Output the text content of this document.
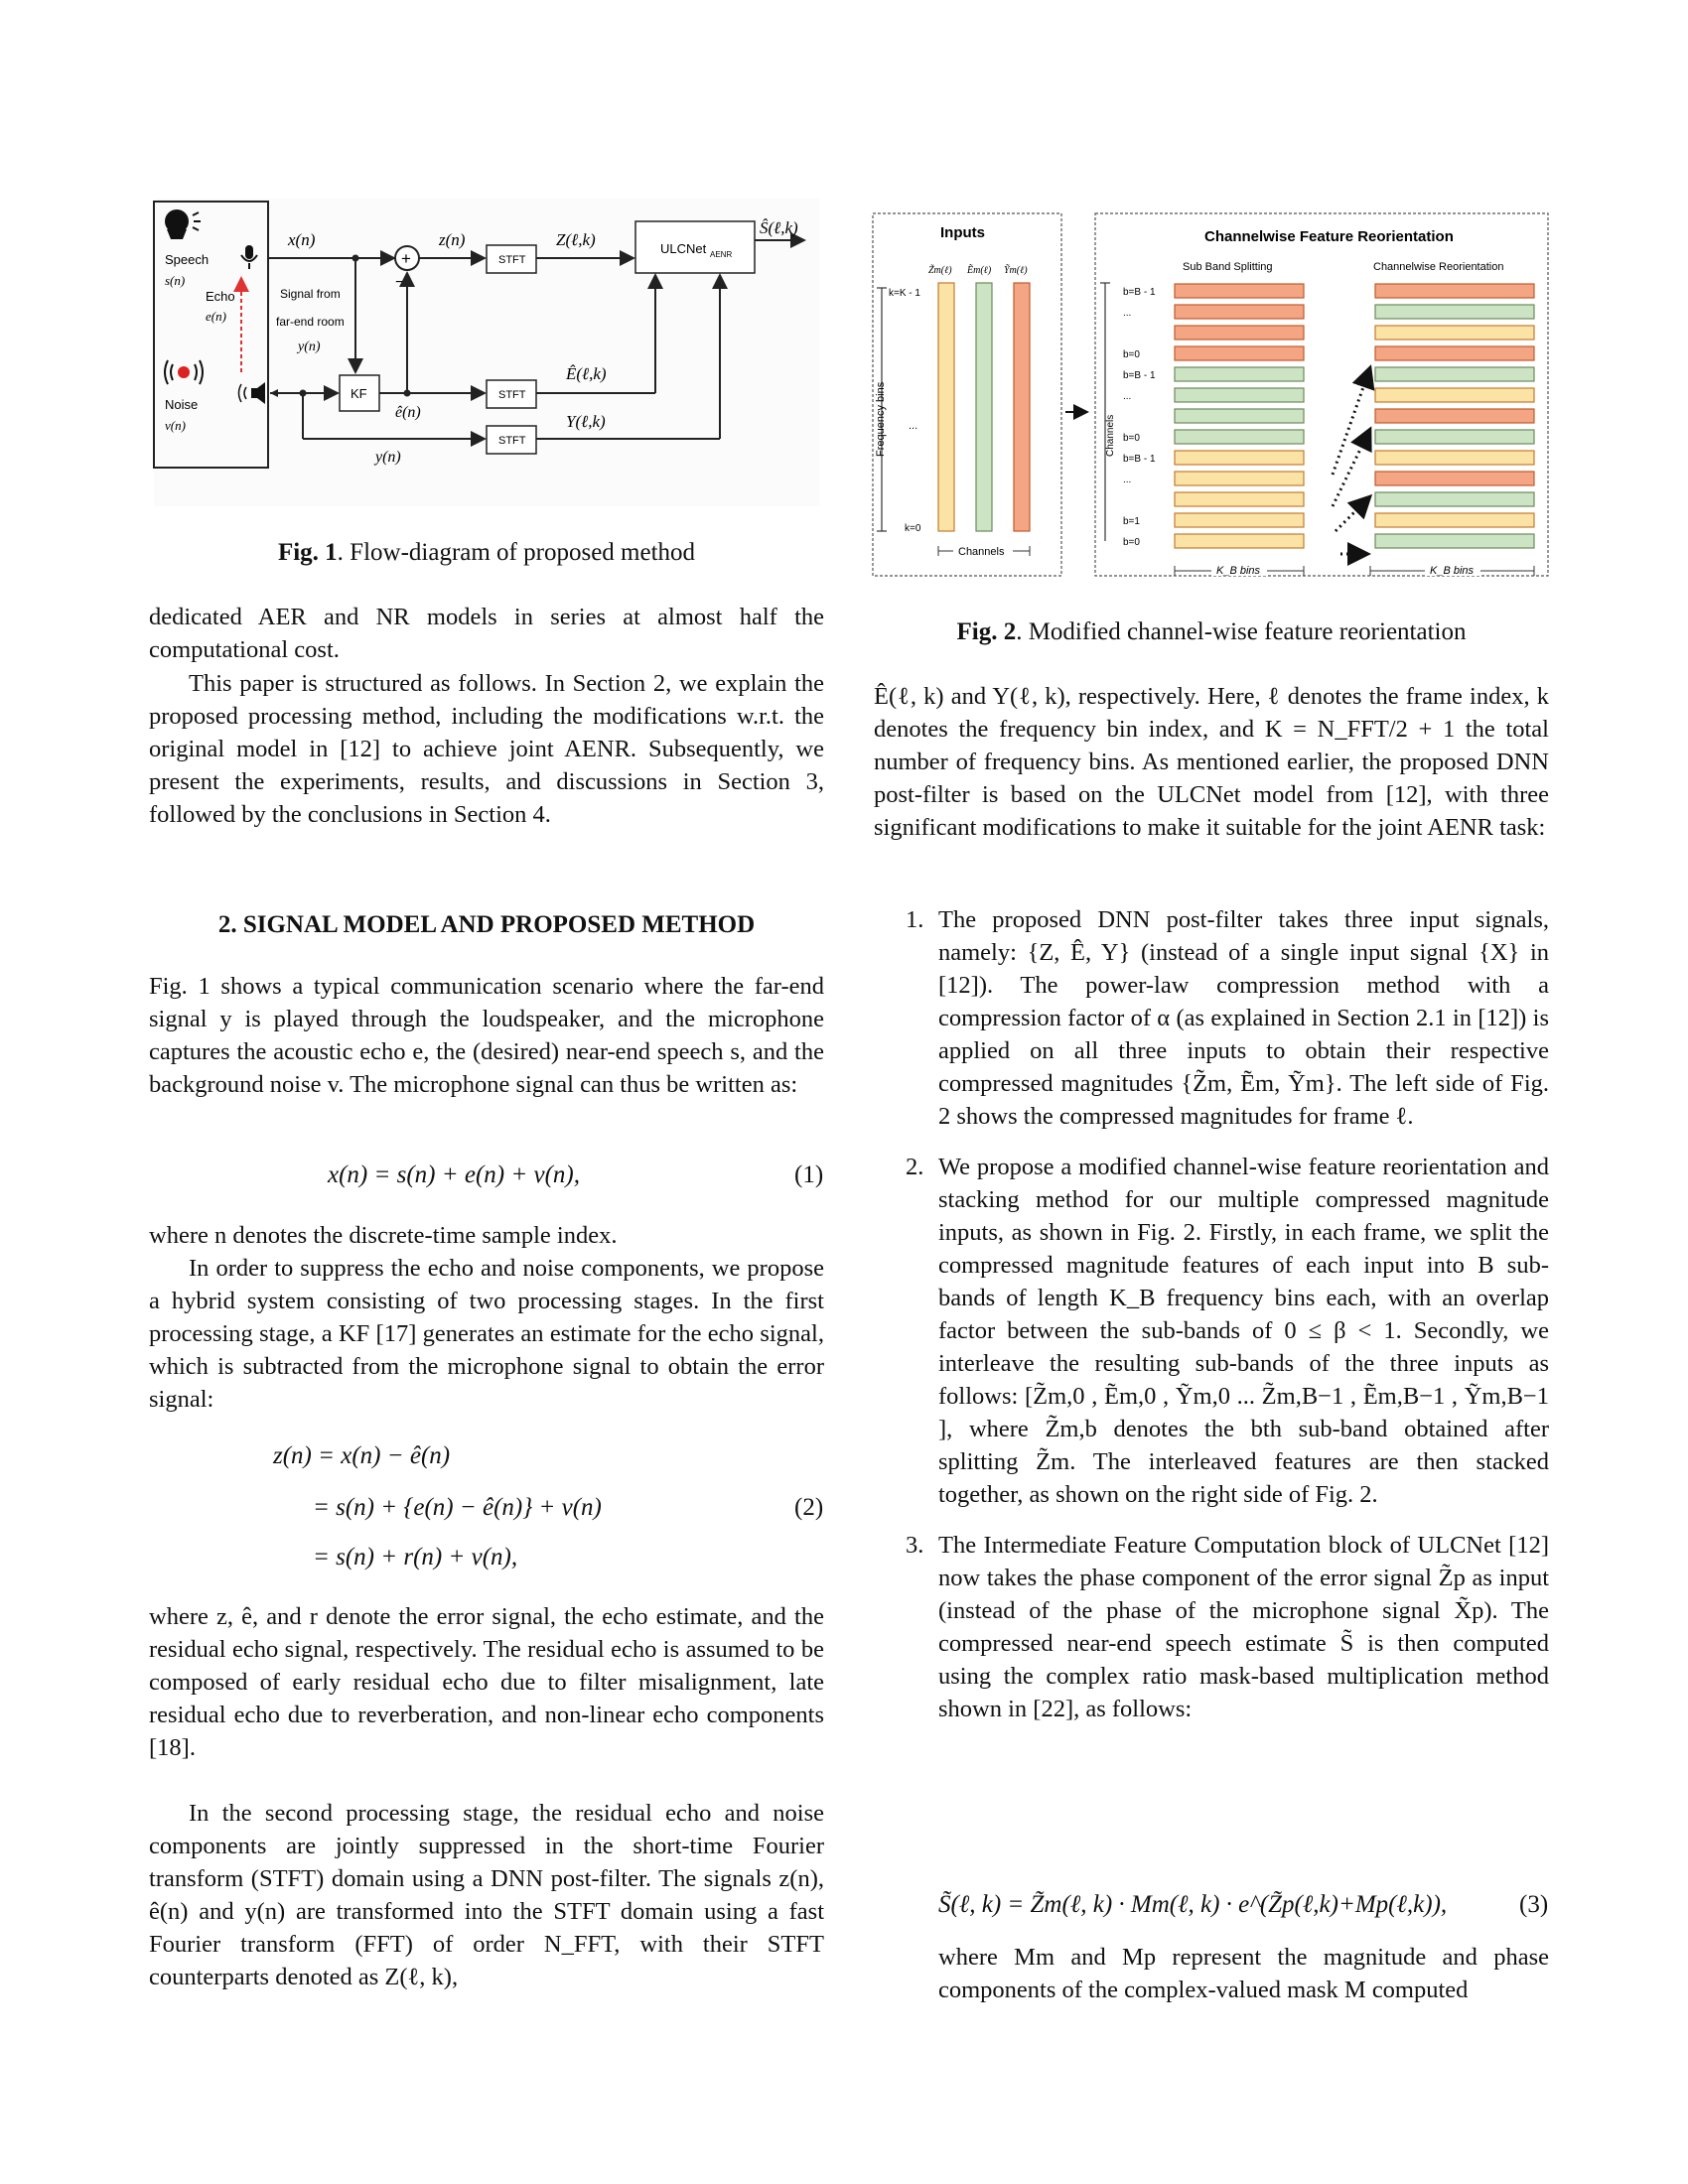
Speech
s(n)
Echo
e(n)
Noise
v(n)
x(n)
+
−
z(n)
STFT
Z(ℓ,k)	ULCNet AENR
Ŝ(ℓ,k)
Signal from
far-end room
y(n)
KF
ê(n)
STFT
Ê(ℓ,k)
y(n)
STFT
Y(ℓ,k)
Fig. 1. Flow-diagram of proposed method
Inputs
Z̃m(ℓ) Ẽm(ℓ) Ỹm(ℓ)
k=K - 1
k=0
...
Frequency bins
Channels
Channelwise Feature Reorientation
Sub Band Splitting	Channelwise Reorientation
Channels
b=B - 1
...
b=0
b=B - 1
...
b=0
b=B - 1
...
b=1
b=0
K_B bins	K_B bins
Fig. 2. Modified channel-wise feature reorientation

dedicated AER and NR models in series at almost half the computational cost.

This paper is structured as follows. In Section 2, we explain the proposed processing method, including the modifications w.r.t. the original model in [12] to achieve joint AENR. Subsequently, we present the experiments, results, and discussions in Section 3, followed by the conclusions in Section 4.

2. SIGNAL MODEL AND PROPOSED METHOD

Fig. 1 shows a typical communication scenario where the far-end signal y is played through the loudspeaker, and the microphone captures the acoustic echo e, the (desired) near-end speech s, and the background noise v. The microphone signal can thus be written as:

x(n) = s(n) + e(n) + v(n),	(1)

where n denotes the discrete-time sample index.

In order to suppress the echo and noise components, we propose a hybrid system consisting of two processing stages. In the first processing stage, a KF [17] generates an estimate for the echo signal, which is subtracted from the microphone signal to obtain the error signal:

z(n) = x(n) − ê(n)
= s(n) + {e(n) − ê(n)} + v(n)
= s(n) + r(n) + v(n),
(2)

where z, ê, and r denote the error signal, the echo estimate, and the residual echo signal, respectively. The residual echo is assumed to be composed of early residual echo due to filter misalignment, late residual echo due to reverberation, and non-linear echo components [18].

In the second processing stage, the residual echo and noise components are jointly suppressed in the short-time Fourier transform (STFT) domain using a DNN post-filter. The signals z(n), ê(n) and y(n) are transformed into the STFT domain using a fast Fourier transform (FFT) of order N_FFT, with their STFT counterparts denoted as Z(ℓ, k),

Ê(ℓ, k) and Y(ℓ, k), respectively. Here, ℓ denotes the frame index, k denotes the frequency bin index, and K = N_FFT/2 + 1 the total number of frequency bins. As mentioned earlier, the proposed DNN post-filter is based on the ULCNet model from [12], with three significant modifications to make it suitable for the joint AENR task:

1. The proposed DNN post-filter takes three input signals, namely: {Z, Ê, Y} (instead of a single input signal {X} in [12]). The power-law compression method with a compression factor of α (as explained in Section 2.1 in [12]) is applied on all three inputs to obtain their respective compressed magnitudes {Z̃m, Ẽm, Ỹm}. The left side of Fig. 2 shows the compressed magnitudes for frame ℓ.
2. We propose a modified channel-wise feature reorientation and stacking method for our multiple compressed magnitude inputs, as shown in Fig. 2. Firstly, in each frame, we split the compressed magnitude features of each input into B sub-bands of length K_B frequency bins each, with an overlap factor between the sub-bands of 0 ≤ β < 1. Secondly, we interleave the resulting sub-bands of the three inputs as follows: [Z̃m,0 , Ẽm,0 , Ỹm,0 ... Z̃m,B−1 , Ẽm,B−1 , Ỹm,B−1 ], where Z̃m,b denotes the bth sub-band obtained after splitting Z̃m. The interleaved features are then stacked together, as shown on the right side of Fig. 2.
3. The Intermediate Feature Computation block of ULCNet [12] now takes the phase component of the error signal Z̃p as input (instead of the phase of the microphone signal X̃p). The compressed near-end speech estimate S̃ is then computed using the complex ratio mask-based multiplication method shown in [22], as follows:
S̃(ℓ, k) = Z̃m(ℓ, k) · Mm(ℓ, k) · e^(Z̃p(ℓ,k)+Mp(ℓ,k)),	(3)

where Mm and Mp represent the magnitude and phase components of the complex-valued mask M computed
